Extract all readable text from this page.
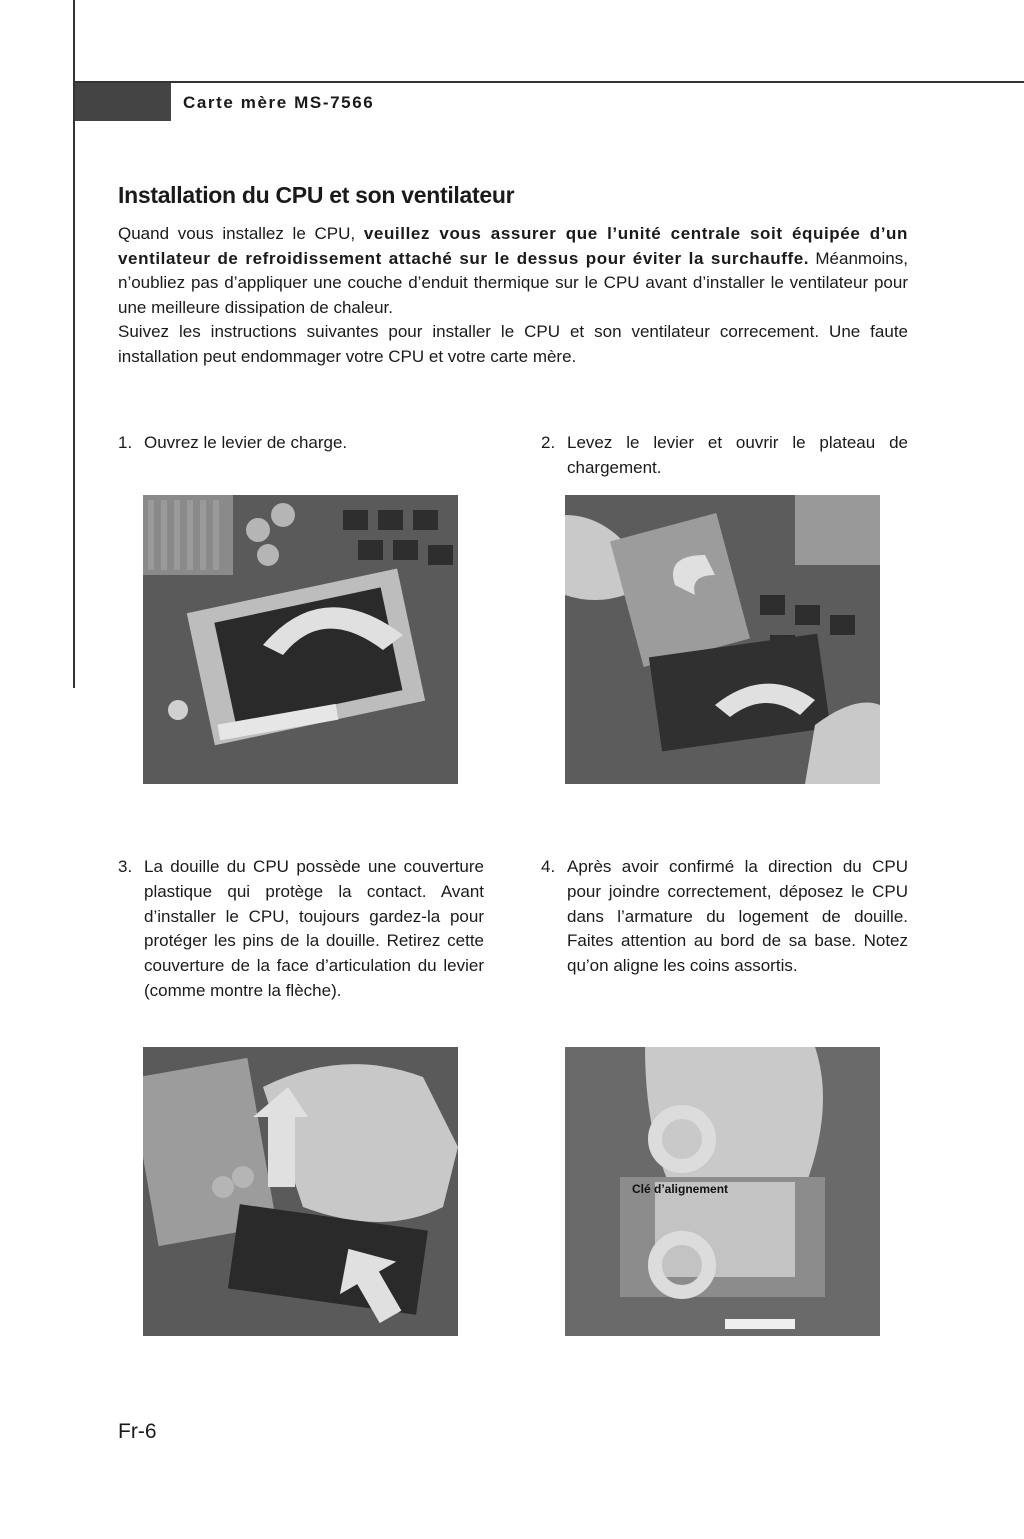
Carte mère MS-7566
Installation du CPU et son ventilateur

Quand vous installez le CPU, veuillez vous assurer que l’unité centrale soit équipée d’un ventilateur de refroidissement attaché sur le dessus pour éviter la surchauffe. Méanmoins, n’oubliez pas d’appliquer une couche d’enduit thermique sur le CPU avant d’installer le ventilateur pour une meilleure dissipation de chaleur.

Suivez les instructions suivantes pour installer le CPU et son ventilateur correcement. Une faute installation peut endommager votre CPU et votre carte mère.

1. Ouvrez le levier de charge.	2. Levez le levier et ouvrir le plateau de chargement.
3. La douille du CPU possède une couverture plastique qui protège la contact. Avant d’installer le CPU, toujours gardez-la pour protéger les pins de la douille. Retirez cette couverture de la face d’articulation du levier (comme montre la flèche).
4. Après avoir confirmé la direction du CPU pour joindre correctement, déposez le CPU dans l’armature du logement de douille. Faites attention au bord de sa base. Notez qu’on aligne les coins assortis.
Clé d’alignement
Fr-6
